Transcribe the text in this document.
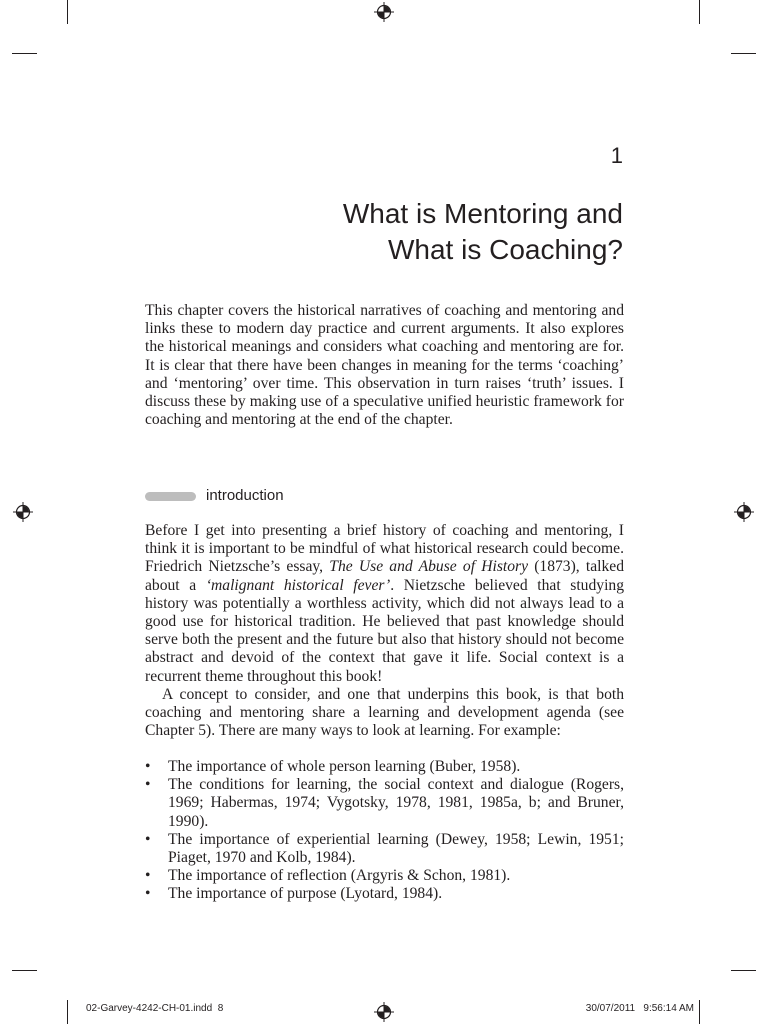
1
What is Mentoring and
What is Coaching?
This chapter covers the historical narratives of coaching and mentoring and links these to modern day practice and current arguments. It also explores the historical meanings and considers what coaching and mentoring are for. It is clear that there have been changes in meaning for the terms ‘coaching’ and ‘mentoring’ over time. This observation in turn raises ‘truth’ issues. I discuss these by making use of a speculative unified heuristic framework for coaching and mentoring at the end of the chapter.
introduction

Before I get into presenting a brief history of coaching and mentoring, I think it is important to be mindful of what historical research could become. Friedrich Nietzsche’s essay, The Use and Abuse of History (1873), talked about a ‘malignant historical fever’. Nietzsche believed that studying history was potentially a worthless activity, which did not always lead to a good use for historical tradition. He believed that past knowledge should serve both the present and the future but also that history should not become abstract and devoid of the context that gave it life. Social context is a recurrent theme throughout this book!

A concept to consider, and one that underpins this book, is that both coaching and mentoring share a learning and development agenda (see Chapter 5). There are many ways to look at learning. For example:

• The importance of whole person learning (Buber, 1958).
• The conditions for learning, the social context and dialogue (Rogers, 1969; Habermas, 1974; Vygotsky, 1978, 1981, 1985a, b; and Bruner, 1990).
• The importance of experiential learning (Dewey, 1958; Lewin, 1951; Piaget, 1970 and Kolb, 1984).
• The importance of reflection (Argyris & Schon, 1981).
• The importance of purpose (Lyotard, 1984).
02-Garvey-4242-CH-01.indd 8	30/07/2011   9:56:14 AM
